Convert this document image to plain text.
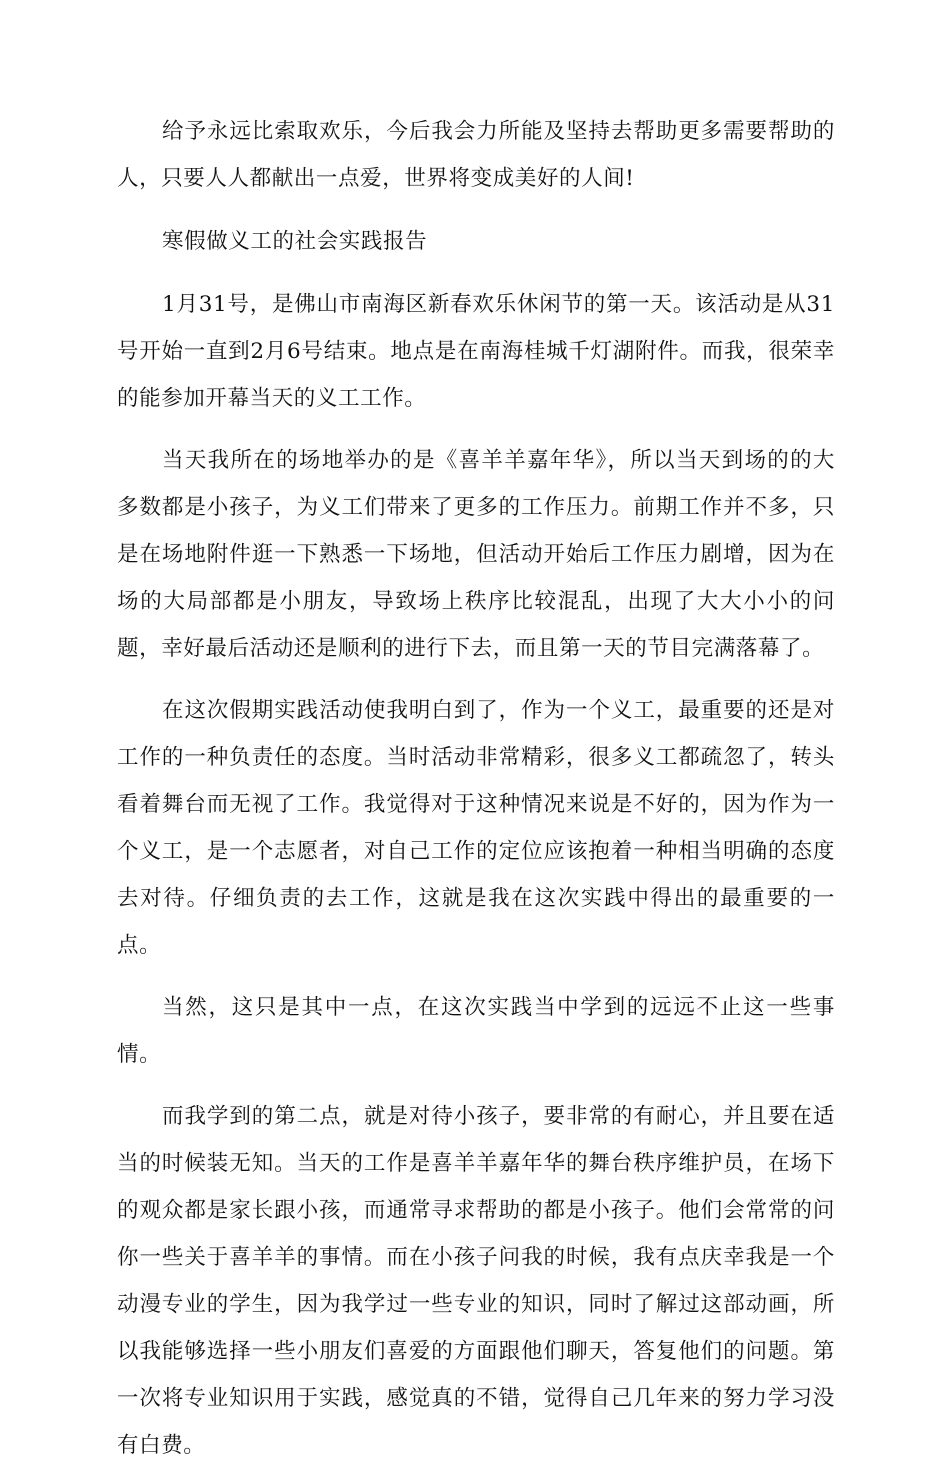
给予永远比索取欢乐，今后我会力所能及坚持去帮助更多需要帮助的人，只要人人都献出一点爱，世界将变成美好的人间!

寒假做义工的社会实践报告

1月31号，是佛山市南海区新春欢乐休闲节的第一天。该活动是从31号开始一直到2月6号结束。地点是在南海桂城千灯湖附件。而我，很荣幸的能参加开幕当天的义工工作。

当天我所在的场地举办的是《喜羊羊嘉年华》，所以当天到场的的大多数都是小孩子，为义工们带来了更多的工作压力。前期工作并不多，只是在场地附件逛一下熟悉一下场地，但活动开始后工作压力剧增，因为在场的大局部都是小朋友，导致场上秩序比较混乱，出现了大大小小的问题，幸好最后活动还是顺利的进行下去，而且第一天的节目完满落幕了。

在这次假期实践活动使我明白到了，作为一个义工，最重要的还是对工作的一种负责任的态度。当时活动非常精彩，很多义工都疏忽了，转头看着舞台而无视了工作。我觉得对于这种情况来说是不好的，因为作为一个义工，是一个志愿者，对自己工作的定位应该抱着一种相当明确的态度去对待。仔细负责的去工作，这就是我在这次实践中得出的最重要的一点。

当然，这只是其中一点，在这次实践当中学到的远远不止这一些事情。

而我学到的第二点，就是对待小孩子，要非常的有耐心，并且要在适当的时候装无知。当天的工作是喜羊羊嘉年华的舞台秩序维护员，在场下的观众都是家长跟小孩，而通常寻求帮助的都是小孩子。他们会常常的问你一些关于喜羊羊的事情。而在小孩子问我的时候，我有点庆幸我是一个动漫专业的学生，因为我学过一些专业的知识，同时了解过这部动画，所以我能够选择一些小朋友们喜爱的方面跟他们聊天，答复他们的问题。第一次将专业知识用于实践，感觉真的不错，觉得自己几年来的努力学习没有白费。
